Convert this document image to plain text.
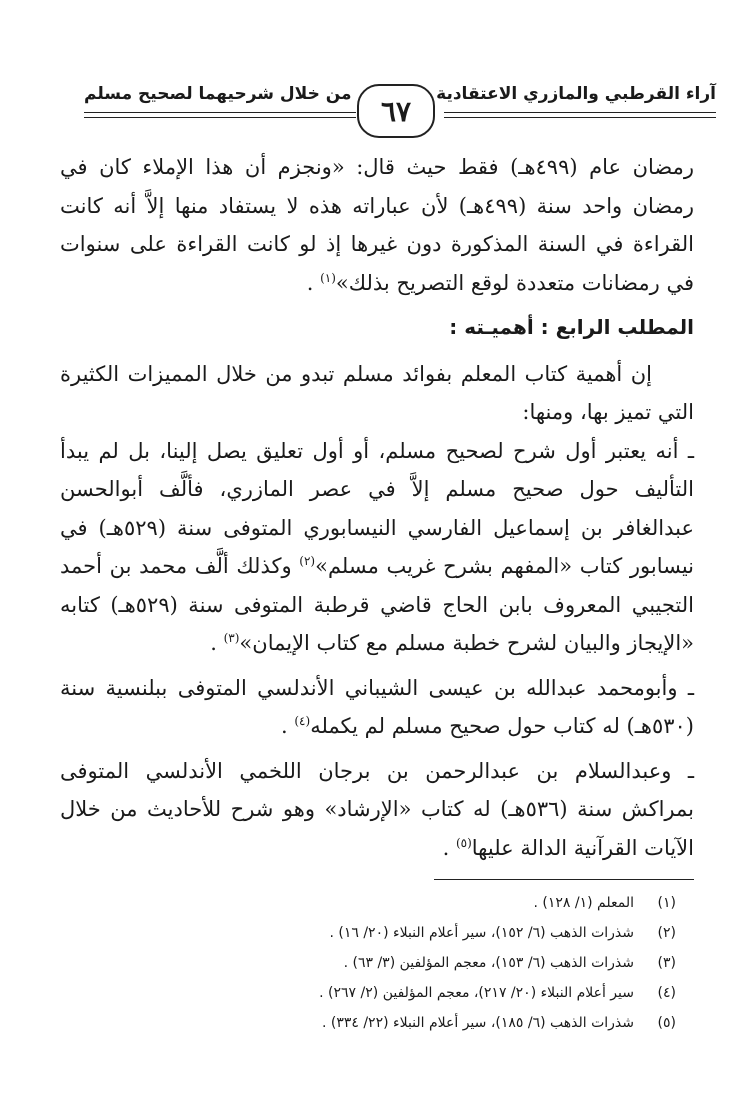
آراء القرطبي والمازري الاعتقادية
٦٧
من خلال شرحيهما لصحيح مسلم

رمضان عام (٤٩٩هـ) فقط حيث قال: «ونجزم أن هذا الإملاء كان في رمضان واحد سنة (٤٩٩هـ) لأن عباراته هذه لا يستفاد منها إلاَّ أنه كانت القراءة في السنة المذكورة دون غيرها إذ لو كانت القراءة على سنوات في رمضانات متعددة لوقع التصريح بذلك»$^{(١)}$ .

المطلب الرابع : أهميـته :

إن أهمية كتاب المعلم بفوائد مسلم تبدو من خلال المميزات الكثيرة التي تميز بها، ومنها:

ـ أنه يعتبر أول شرح لصحيح مسلم، أو أول تعليق يصل إلينا، بل لم يبدأ التأليف حول صحيح مسلم إلاَّ في عصر المازري، فألَّف أبوالحسن عبدالغافر بن إسماعيل الفارسي النيسابوري المتوفى سنة (٥٢٩هـ) في نيسابور كتاب «المفهم بشرح غريب مسلم»$^{(٢)}$ وكذلك ألَّف محمد بن أحمد التجيبي المعروف بابن الحاج قاضي قرطبة المتوفى سنة (٥٢٩هـ) كتابه «الإيجاز والبيان لشرح خطبة مسلم مع كتاب الإيمان»$^{(٣)}$ .

ـ وأبومحمد عبدالله بن عيسى الشيباني الأندلسي المتوفى ببلنسية سنة (٥٣٠هـ) له كتاب حول صحيح مسلم لم يكمله$^{(٤)}$ .

ـ وعبدالسلام بن عبدالرحمن بن برجان اللخمي الأندلسي المتوفى بمراكش سنة (٥٣٦هـ) له كتاب «الإرشاد» وهو شرح للأحاديث من خلال الآيات القرآنية الدالة عليها$^{(٥)}$ .

(١)
المعلم (١/ ١٢٨) .
(٢)
شذرات الذهب (٦/ ١٥٢)، سير أعلام النبلاء (٢٠/ ١٦) .
(٣)
شذرات الذهب (٦/ ١٥٣)، معجم المؤلفين (٣/ ٦٣) .
(٤)
سير أعلام النبلاء (٢٠/ ٢١٧)، معجم المؤلفين (٢/ ٢٦٧) .
(٥)
شذرات الذهب (٦/ ١٨٥)، سير أعلام النبلاء (٢٢/ ٣٣٤) .
